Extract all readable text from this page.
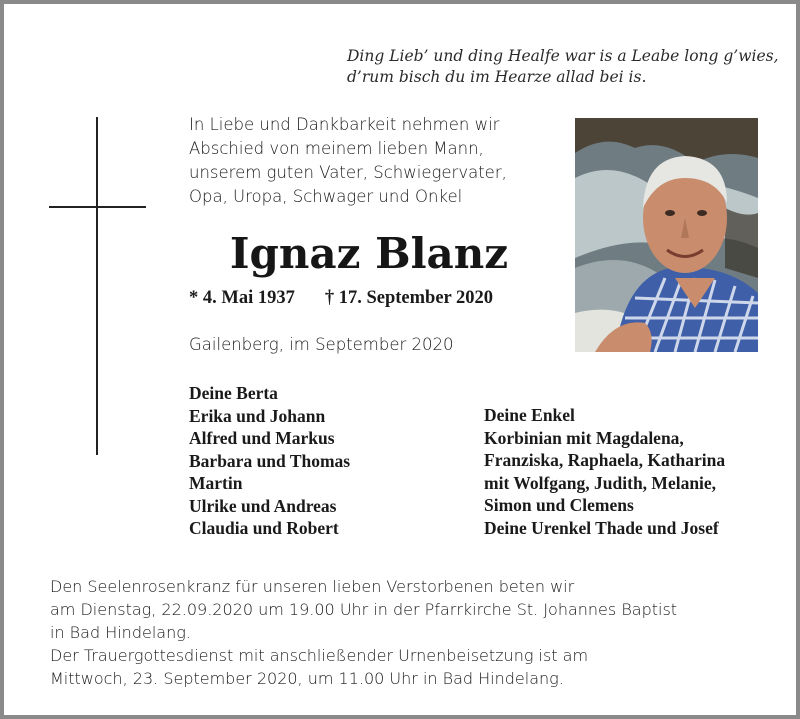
Ding Lieb’ und ding Healfe war is a Leabe long g’wies,
d’rum bisch du im Hearze allad bei is.
In Liebe und Dankbarkeit nehmen wir
Abschied von meinem lieben Mann,
unserem guten Vater, Schwiegervater,
Opa, Uropa, Schwager und Onkel
Ignaz Blanz
* 4. Mai 1937 † 17. September 2020
Gailenberg, im September 2020
Deine Berta
Erika und Johann
Alfred und Markus
Barbara und Thomas
Martin
Ulrike und Andreas
Claudia und Robert
Deine Enkel
Korbinian mit Magdalena,
Franziska, Raphaela, Katharina
mit Wolfgang, Judith, Melanie,
Simon und Clemens
Deine Urenkel Thade und Josef
Den Seelenrosenkranz für unseren lieben Verstorbenen beten wir
am Dienstag, 22.09.2020 um 19.00 Uhr in der Pfarrkirche St. Johannes Baptist
in Bad Hindelang.
Der Trauergottesdienst mit anschließender Urnenbeisetzung ist am
Mittwoch, 23. September 2020, um 11.00 Uhr in Bad Hindelang.
